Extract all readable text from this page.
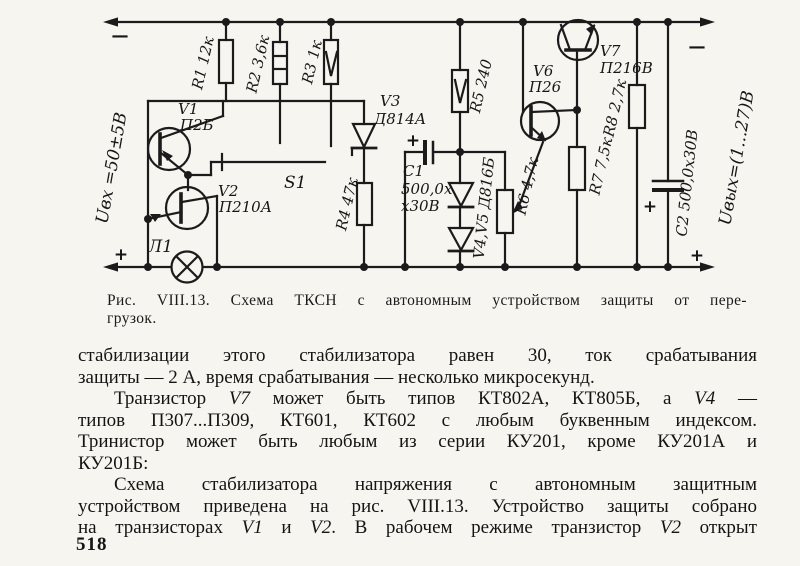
—
—
+	+
Uвх =50±5В
R1 12к R2 3,6к R3 1к
V1
П2Б
S1
V2
П210А
Л1
V3
Д814А
R4 47к
+
С1
500,0х
х30В
R5 240
V4,V5 Д816Б R6 4,7к
V6
П26
V7
П216В
R7 7,5к
R8 2,7к
+ С2 500,0х30В Uвых=(1...27)В
Рис. VIII.13. Схема ТКСН с автономным устройством защиты от пере-
грузок.
стабилизации этого стабилизатора равен 30, ток срабатывания
защиты — 2 А, время срабатывания — несколько микросекунд.
Транзистор V7 может быть типов КТ802А, КТ805Б, а V4 —
типов П307...П309, КТ601, КТ602 с любым буквенным индексом.
Тринистор может быть любым из серии КУ201, кроме КУ201А и
КУ201Б:
Схема стабилизатора напряжения с автономным защитным
устройством приведена на рис. VIII.13. Устройство защиты собрано
на транзисторах V1 и V2. В рабочем режиме транзистор V2 открыт
518
